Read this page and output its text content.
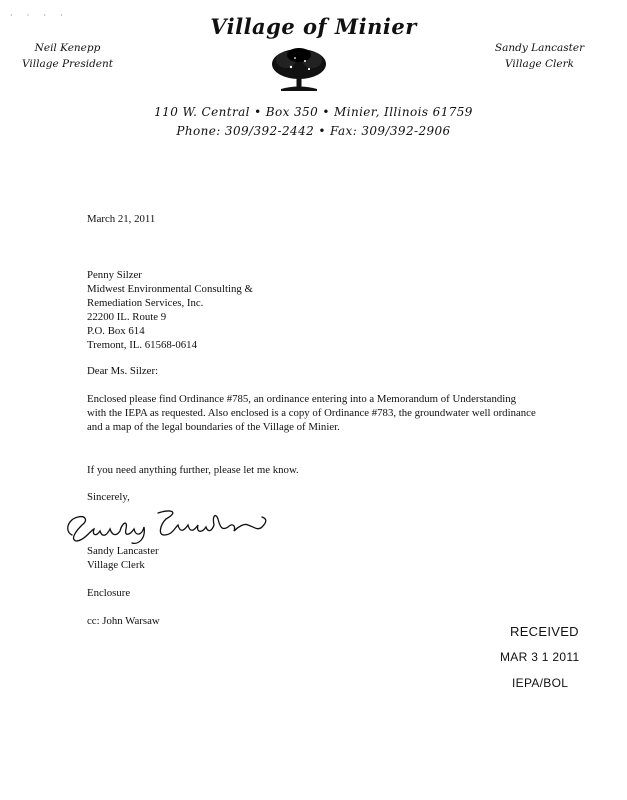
· · · ·	Village of Minier
Neil Kenepp
Village President
Sandy Lancaster
Village Clerk
110 W. Central • Box 350 • Minier, Illinois 61759
Phone: 309/392-2442 • Fax: 309/392-2906
March 21, 2011
Penny Silzer
Midwest Environmental Consulting &
Remediation Services, Inc.
22200 IL. Route 9
P.O. Box 614
Tremont, IL. 61568-0614
Dear Ms. Silzer:
Enclosed please find Ordinance #785, an ordinance entering into a Memorandum of Understanding with the IEPA as requested. Also enclosed is a copy of Ordinance #783, the groundwater well ordinance and a map of the legal boundaries of the Village of Minier.
If you need anything further, please let me know.
Sincerely,
Sandy Lancaster
Village Clerk
Enclosure
cc: John Warsaw
RECEIVED
MAR 3 1 2011
IEPA/BOL
